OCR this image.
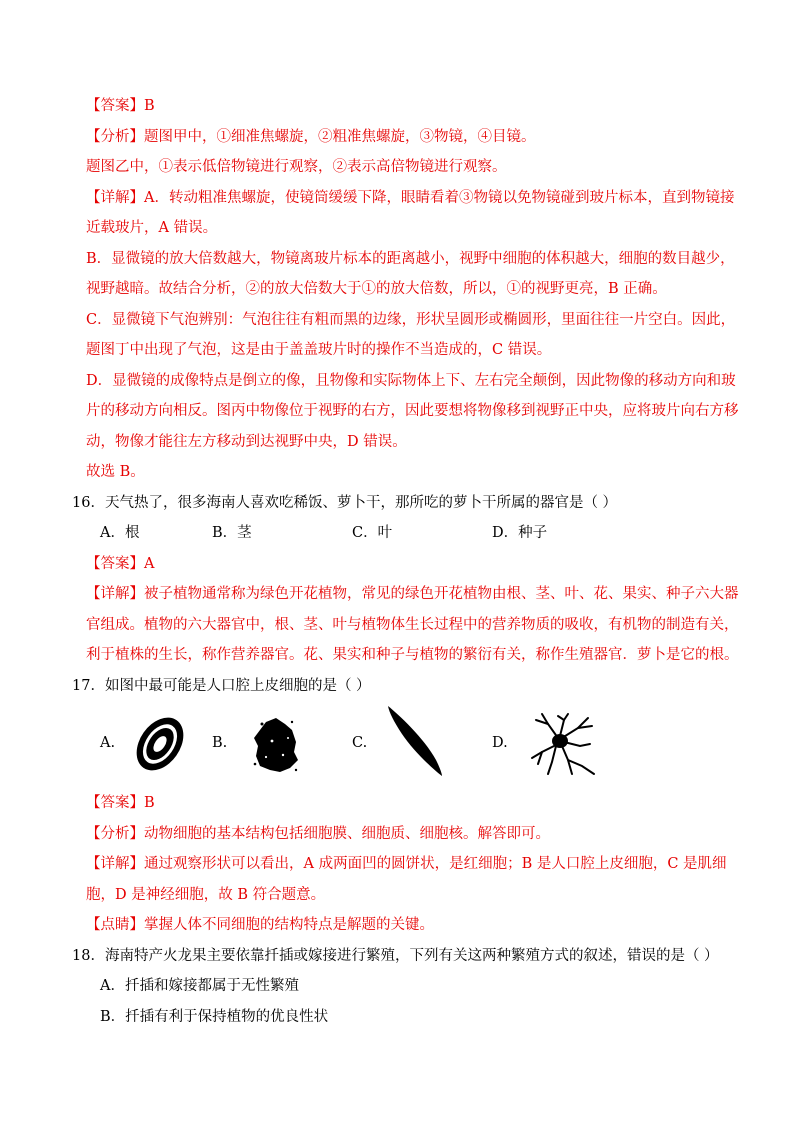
【答案】B
【分析】题图甲中，①细准焦螺旋，②粗准焦螺旋，③物镜，④目镜。
题图乙中，①表示低倍物镜进行观察，②表示高倍物镜进行观察。
【详解】A．转动粗准焦螺旋，使镜筒缓缓下降，眼睛看着③物镜以免物镜碰到玻片标本，直到物镜接
近载玻片，A 错误。
B．显微镜的放大倍数越大，物镜离玻片标本的距离越小，视野中细胞的体积越大，细胞的数目越少，
视野越暗。故结合分析，②的放大倍数大于①的放大倍数，所以，①的视野更亮，B 正确。
C．显微镜下气泡辨别：气泡往往有粗而黑的边缘，形状呈圆形或椭圆形，里面往往一片空白。因此，
题图丁中出现了气泡，这是由于盖盖玻片时的操作不当造成的，C 错误。
D．显微镜的成像特点是倒立的像，且物像和实际物体上下、左右完全颠倒，因此物像的移动方向和玻
片的移动方向相反。图丙中物像位于视野的右方，因此要想将物像移到视野正中央，应将玻片向右方移
动，物像才能往左方移动到达视野中央，D 错误。
故选 B。
16．天气热了，很多海南人喜欢吃稀饭、萝卜干，那所吃的萝卜干所属的器官是（ ）
A．根	B．茎	C．叶	D．种子
【答案】A
【详解】被子植物通常称为绿色开花植物，常见的绿色开花植物由根、茎、叶、花、果实、种子六大器
官组成。植物的六大器官中，根、茎、叶与植物体生长过程中的营养物质的吸收，有机物的制造有关，
利于植株的生长，称作营养器官。花、果实和种子与植物的繁衍有关，称作生殖器官．萝卜是它的根。
17．如图中最可能是人口腔上皮细胞的是（ ）
A.	B.	C.	D.
【答案】B
【分析】动物细胞的基本结构包括细胞膜、细胞质、细胞核。解答即可。
【详解】通过观察形状可以看出，A 成两面凹的圆饼状，是红细胞；B 是人口腔上皮细胞，C 是肌细
胞，D 是神经细胞，故 B 符合题意。
【点睛】掌握人体不同细胞的结构特点是解题的关键。
18．海南特产火龙果主要依靠扦插或嫁接进行繁殖，下列有关这两种繁殖方式的叙述，错误的是（ ）
A．扦插和嫁接都属于无性繁殖
B．扦插有利于保持植物的优良性状
